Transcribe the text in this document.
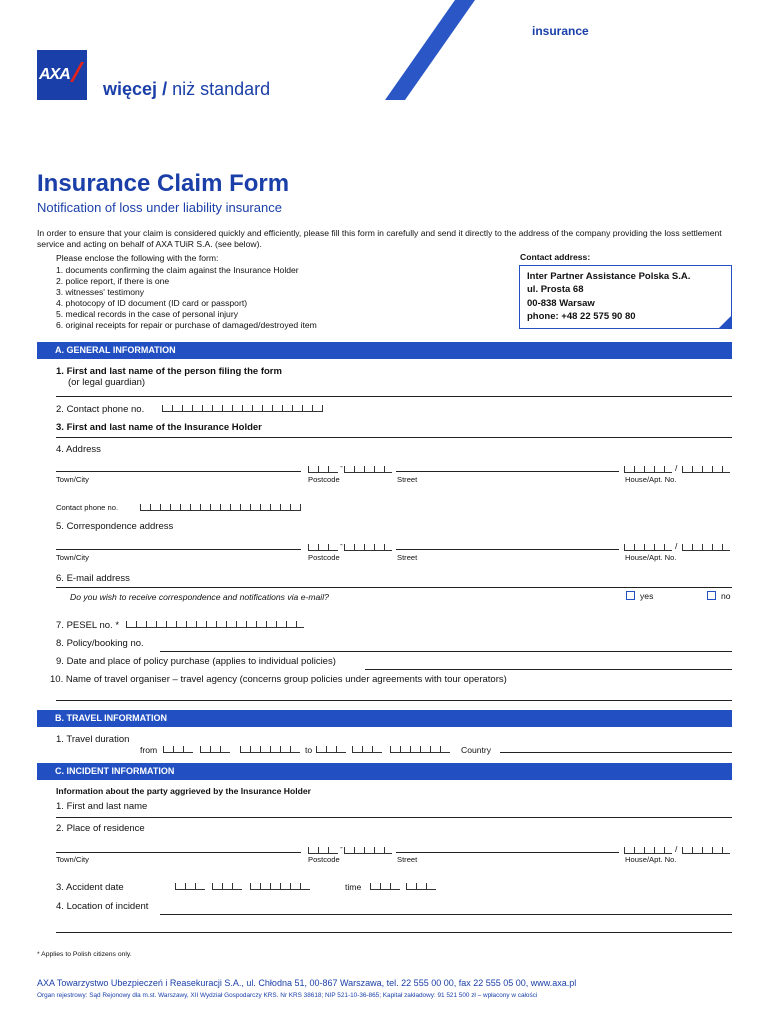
insurance
AXA
więcej / niż standard
Insurance Claim Form
Notification of loss under liability insurance
In order to ensure that your claim is considered quickly and efficiently, please fill this form in carefully and send it directly to the address of the company providing the loss settlement service and acting on behalf of AXA TUiR S.A. (see below).
Please enclose the following with the form:
1. documents confirming the claim against the Insurance Holder
2. police report, if there is one
3. witnesses' testimony
4. photocopy of ID document (ID card or passport)
5. medical records in the case of personal injury
6. original receipts for repair or purchase of damaged/destroyed item
Contact address:
Inter Partner Assistance Polska S.A.
ul. Prosta 68
00-838 Warsaw
phone: +48 22 575 90 80
A. GENERAL INFORMATION
1. First and last name of the person filing the form
(or legal guardian)
2. Contact phone no.
3. First and last name of the Insurance Holder
4. Address
-	/
Town/City	Postcode	Street	House/Apt. No.
Contact phone no.
5. Correspondence address
-	/
Town/City	Postcode	Street	House/Apt. No.
6. E-mail address
Do you wish to receive correspondence and notifications via e-mail?	yes	no
7. PESEL no. *
8. Policy/booking no.
9. Date and place of policy purchase (applies to individual policies)
10. Name of travel organiser – travel agency (concerns group policies under agreements with tour operators)
B. TRAVEL INFORMATION
1. Travel duration
from	to	Country
C. INCIDENT INFORMATION
Information about the party aggrieved by the Insurance Holder
1. First and last name
2. Place of residence
-	/
Town/City	Postcode	Street	House/Apt. No.
3. Accident date	time
4. Location of incident
* Applies to Polish citizens only.
AXA Towarzystwo Ubezpieczeń i Reasekuracji S.A., ul. Chłodna 51, 00-867 Warszawa, tel. 22 555 00 00, fax 22 555 05 00, www.axa.pl
Organ rejestrowy: Sąd Rejonowy dla m.st. Warszawy, XII Wydział Gospodarczy KRS. Nr KRS 38618; NIP 521-10-36-865; Kapitał zakładowy: 91 521 500 zł – wpłacony w całości
